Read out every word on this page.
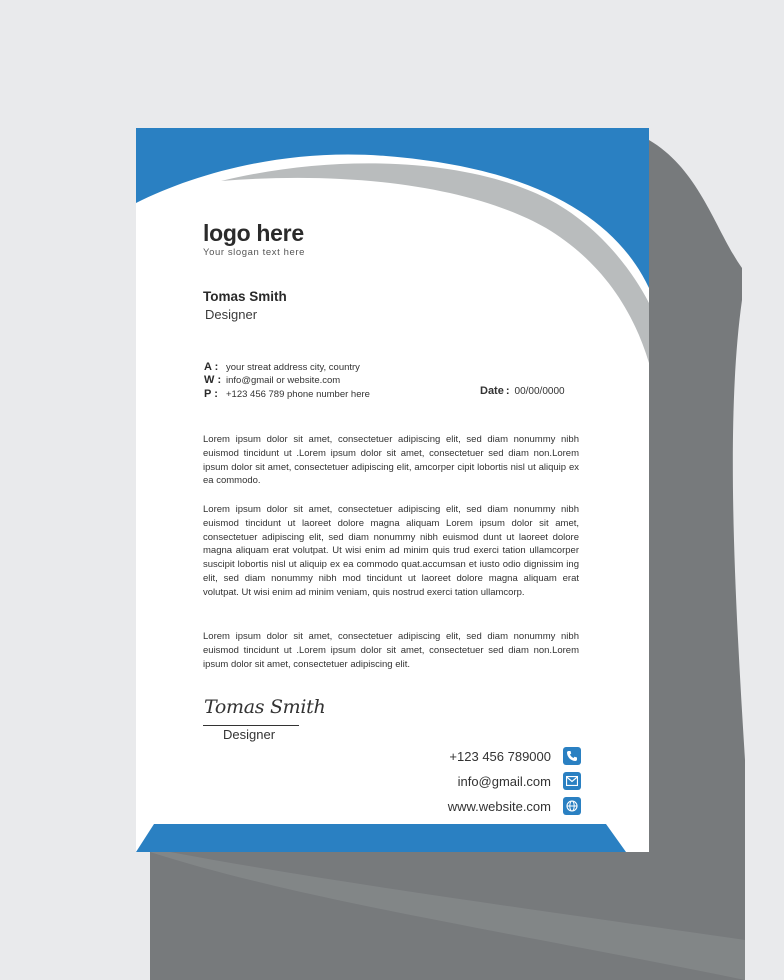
logo here
Your slogan text here
Tomas Smith
Designer
A : your streat address city, country
W : info@gmail or website.com
P : +123 456 789 phone number here	Date : 00/00/0000
Lorem ipsum dolor sit amet, consectetuer adipiscing elit, sed diam nonummy nibh euismod tincidunt ut .Lorem ipsum dolor sit amet, consectetuer sed diam non.Lorem ipsum dolor sit amet, consectetuer adipiscing elit, amcorper cipit lobortis nisl ut aliquip ex ea commodo.
Lorem ipsum dolor sit amet, consectetuer adipiscing elit, sed diam nonummy nibh euismod tincidunt ut laoreet dolore magna aliquam Lorem ipsum dolor sit amet, consectetuer adipiscing elit, sed diam nonummy nibh euismod dunt ut laoreet dolore magna aliquam erat volutpat. Ut wisi enim ad minim quis trud exerci tation ullamcorper suscipit lobortis nisl ut aliquip ex ea commodo quat.accumsan et iusto odio dignissim ing elit, sed diam nonummy nibh mod tincidunt ut laoreet dolore magna aliquam erat volutpat. Ut wisi enim ad minim veniam, quis nostrud exerci tation ullamcorp.
Lorem ipsum dolor sit amet, consectetuer adipiscing elit, sed diam nonummy nibh euismod tincidunt ut .Lorem ipsum dolor sit amet, consectetuer sed diam non.Lorem ipsum dolor sit amet, consectetuer adipiscing elit.
Tomas Smith
Designer
+123 456 789000
info@gmail.com
www.website.com
